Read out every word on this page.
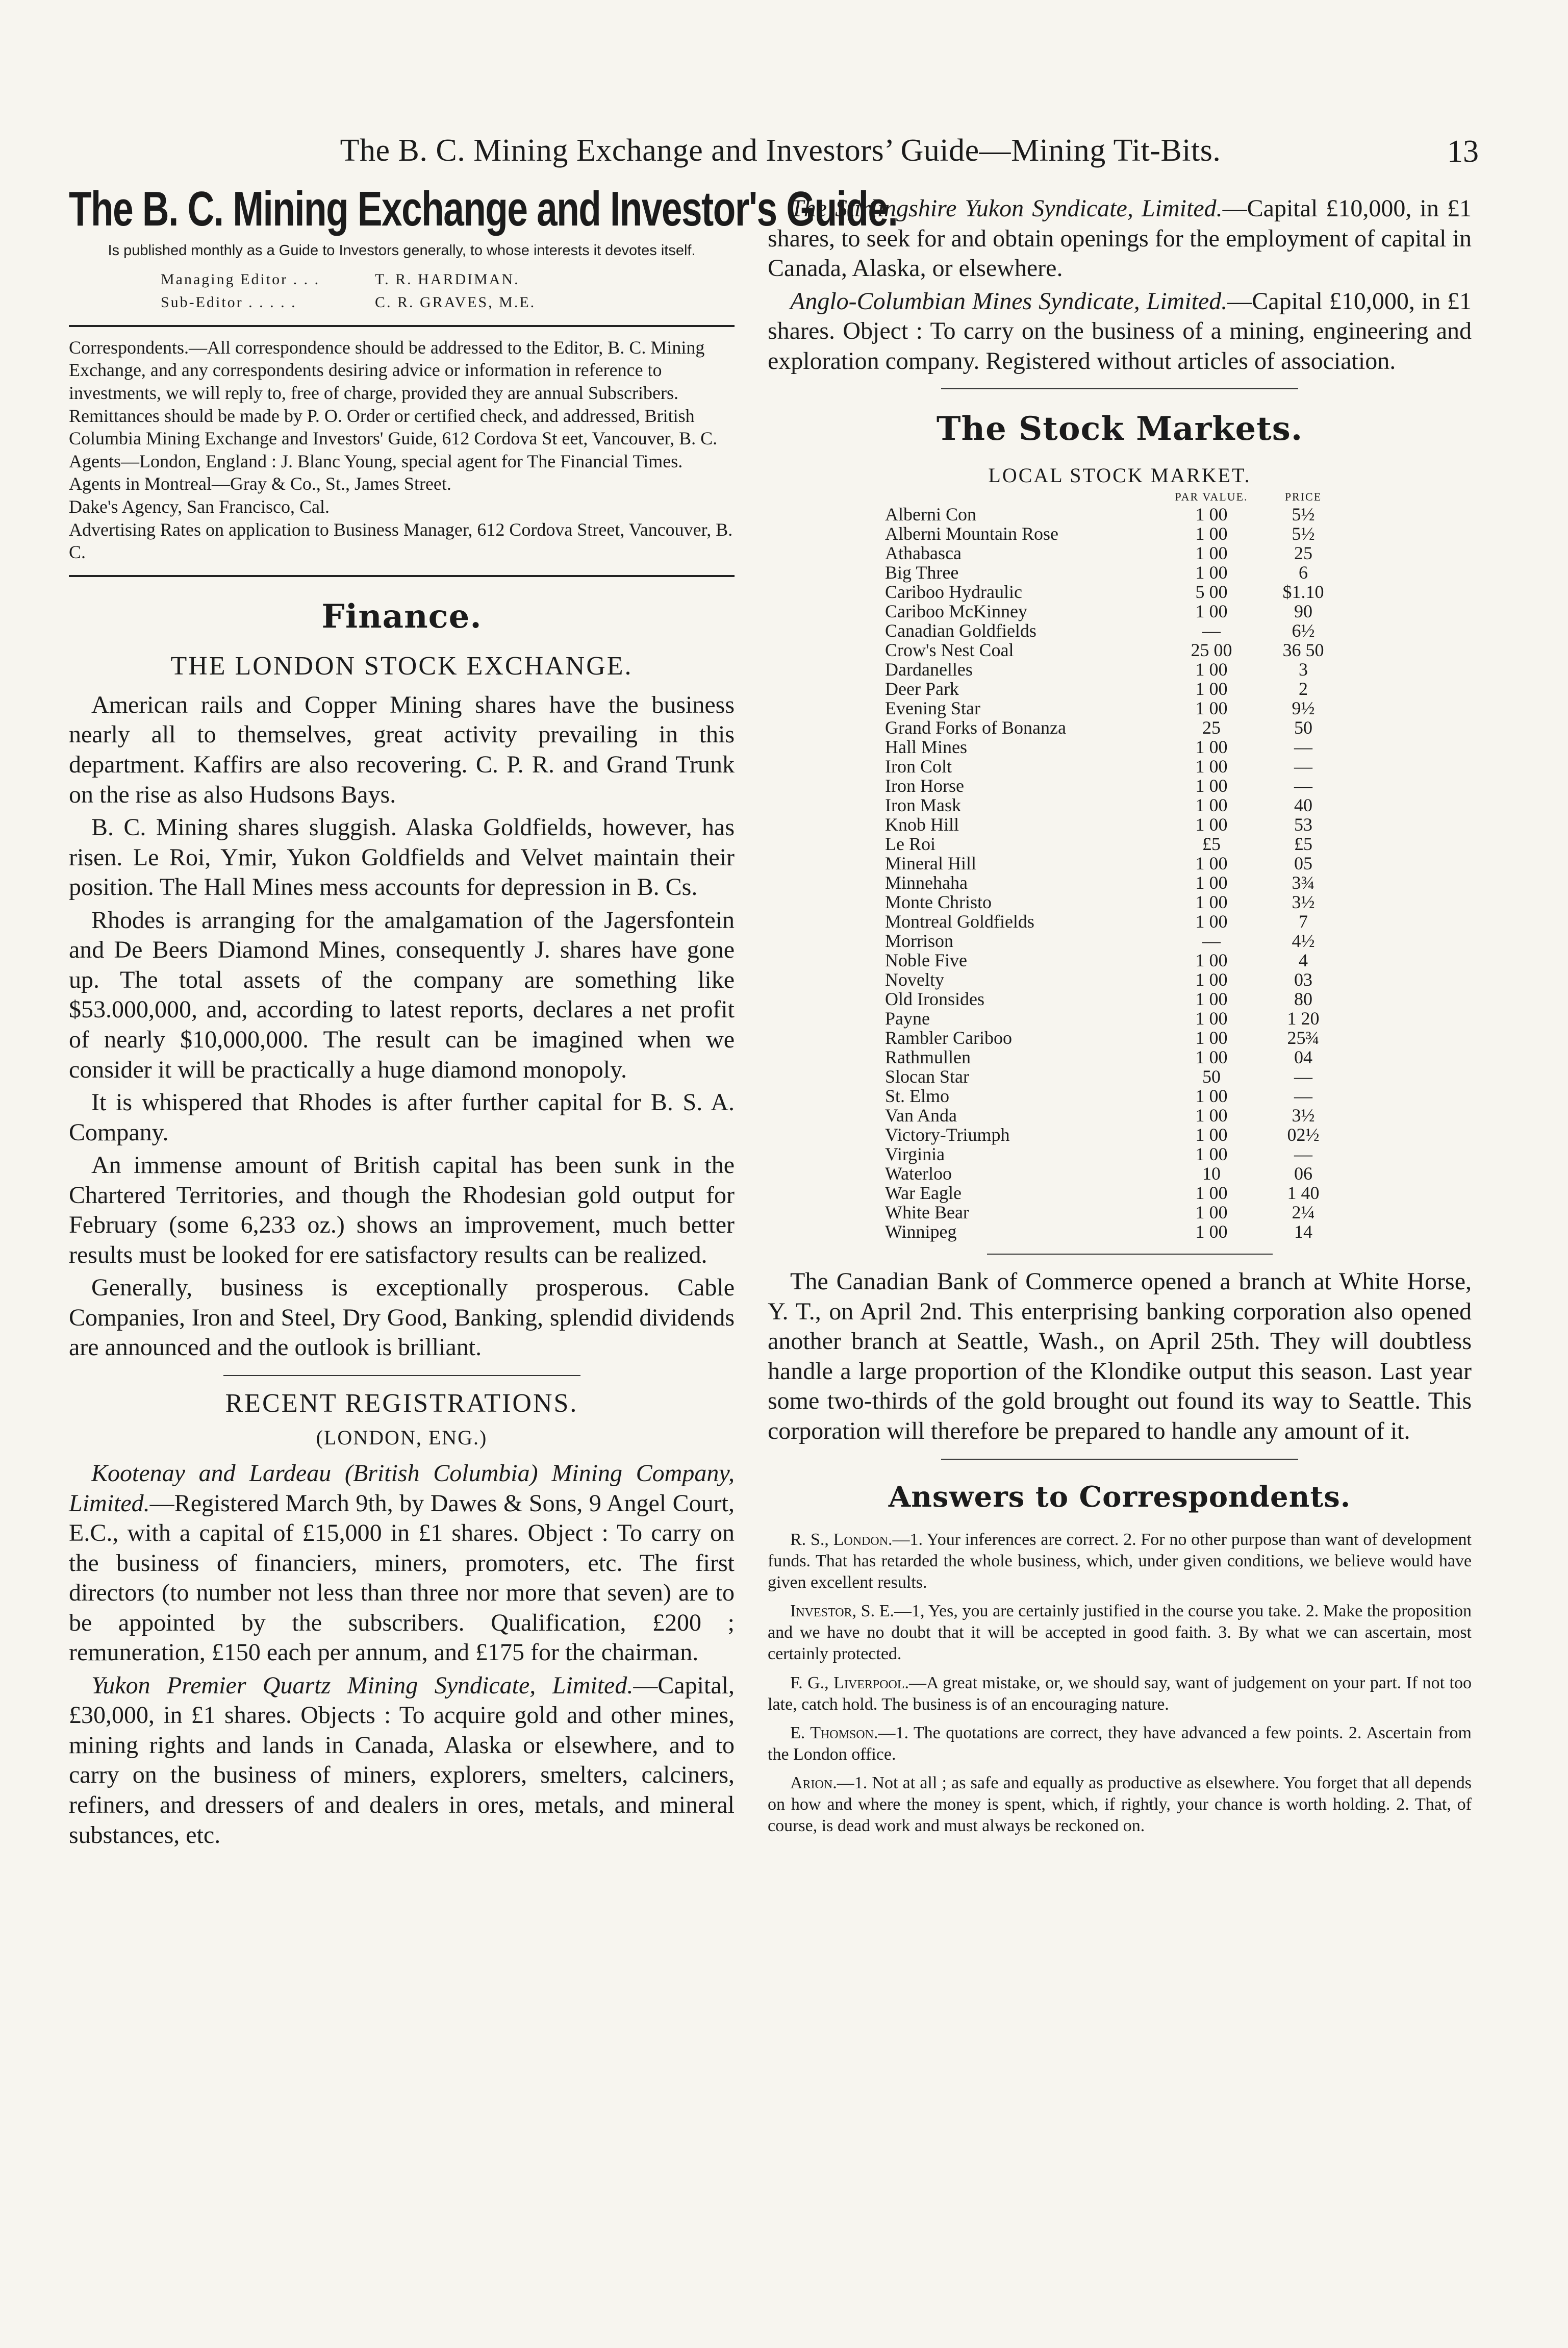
The B. C. Mining Exchange and Investors’ Guide—Mining Tit-Bits.	13
The B. C. Mining Exchange and Investor's Guide.
Is published monthly as a Guide to Investors generally, to whose interests it devotes itself.
Managing Editor . . .	T. R. HARDIMAN.
Sub-Editor . . . . .	C. R. GRAVES, M.E.

Correspondents.—All correspondence should be addressed to the Editor, B. C. Mining Exchange, and any correspondents desiring advice or information in reference to investments, we will reply to, free of charge, provided they are annual Subscribers.

Remittances should be made by P. O. Order or certified check, and addressed, British Columbia Mining Exchange and Investors' Guide, 612 Cordova St eet, Vancouver, B. C.

Agents—London, England : J. Blanc Young, special agent for The Financial Times.

Agents in Montreal—Gray & Co., St., James Street.

Dake's Agency, San Francisco, Cal.

Advertising Rates on application to Business Manager, 612 Cordova Street, Vancouver, B. C.

Finance.
THE LONDON STOCK EXCHANGE.

American rails and Copper Mining shares have the business nearly all to themselves, great activity prevailing in this department. Kaffirs are also recovering. C. P. R. and Grand Trunk on the rise as also Hudsons Bays.

B. C. Mining shares sluggish. Alaska Goldfields, however, has risen. Le Roi, Ymir, Yukon Goldfields and Velvet maintain their position. The Hall Mines mess accounts for depression in B. Cs.

Rhodes is arranging for the amalgamation of the Jagersfontein and De Beers Diamond Mines, consequently J. shares have gone up. The total assets of the company are something like $53.000,000, and, according to latest reports, declares a net profit of nearly $10,000,000. The result can be imagined when we consider it will be practically a huge diamond monopoly.

It is whispered that Rhodes is after further capital for B. S. A. Company.

An immense amount of British capital has been sunk in the Chartered Territories, and though the Rhodesian gold output for February (some 6,233 oz.) shows an improvement, much better results must be looked for ere satisfactory results can be realized.

Generally, business is exceptionally prosperous. Cable Companies, Iron and Steel, Dry Good, Banking, splendid dividends are announced and the outlook is brilliant.

RECENT REGISTRATIONS.
(LONDON, ENG.)

Kootenay and Lardeau (British Columbia) Mining Company, Limited.—Registered March 9th, by Dawes & Sons, 9 Angel Court, E.C., with a capital of £15,000 in £1 shares. Object : To carry on the business of financiers, miners, promoters, etc. The first directors (to number not less than three nor more that seven) are to be appointed by the subscribers. Qualification, £200 ; remuneration, £150 each per annum, and £175 for the chairman.

Yukon Premier Quartz Mining Syndicate, Limited.—Capital, £30,000, in £1 shares. Objects : To acquire gold and other mines, mining rights and lands in Canada, Alaska or elsewhere, and to carry on the business of miners, explorers, smelters, calciners, refiners, and dressers of and dealers in ores, metals, and mineral substances, etc.

The Stirlingshire Yukon Syndicate, Limited.—Capital £10,000, in £1 shares, to seek for and obtain openings for the employment of capital in Canada, Alaska, or elsewhere.

Anglo-Columbian Mines Syndicate, Limited.—Capital £10,000, in £1 shares. Object : To carry on the business of a mining, engineering and exploration company. Registered without articles of association.

The Stock Markets.
LOCAL STOCK MARKET.
	PAR VALUE.	PRICE
Alberni Con	1 00	5½
Alberni Mountain Rose	1 00	5½
Athabasca	1 00	25
Big Three	1 00	6
Cariboo Hydraulic	5 00	$1.10
Cariboo McKinney	1 00	90
Canadian Goldfields	—	6½
Crow's Nest Coal	25 00	36 50
Dardanelles	1 00	3
Deer Park	1 00	2
Evening Star	1 00	9½
Grand Forks of Bonanza	25	50
Hall Mines	1 00	—
Iron Colt	1 00	—
Iron Horse	1 00	—
Iron Mask	1 00	40
Knob Hill	1 00	53
Le Roi	£5	£5
Mineral Hill	1 00	05
Minnehaha	1 00	3¾
Monte Christo	1 00	3½
Montreal Goldfields	1 00	7
Morrison	—	4½
Noble Five	1 00	4
Novelty	1 00	03
Old Ironsides	1 00	80
Payne	1 00	1 20
Rambler Cariboo	1 00	25¾
Rathmullen	1 00	04
Slocan Star	50	—
St. Elmo	1 00	—
Van Anda	1 00	3½
Victory-Triumph	1 00	02½
Virginia	1 00	—
Waterloo	10	06
War Eagle	1 00	1 40
White Bear	1 00	2¼
Winnipeg	1 00	14

The Canadian Bank of Commerce opened a branch at White Horse, Y. T., on April 2nd. This enterprising banking corporation also opened another branch at Seattle, Wash., on April 25th. They will doubtless handle a large proportion of the Klondike output this season. Last year some two-thirds of the gold brought out found its way to Seattle. This corporation will therefore be prepared to handle any amount of it.

Answers to Correspondents.

R. S., London.—1. Your inferences are correct. 2. For no other purpose than want of development funds. That has retarded the whole business, which, under given conditions, we believe would have given excellent results.

Investor, S. E.—1, Yes, you are certainly justified in the course you take. 2. Make the proposition and we have no doubt that it will be accepted in good faith. 3. By what we can ascertain, most certainly protected.

F. G., Liverpool.—A great mistake, or, we should say, want of judgement on your part. If not too late, catch hold. The business is of an encouraging nature.

E. Thomson.—1. The quotations are correct, they have advanced a few points. 2. Ascertain from the London office.

Arion.—1. Not at all ; as safe and equally as productive as elsewhere. You forget that all depends on how and where the money is spent, which, if rightly, your chance is worth holding. 2. That, of course, is dead work and must always be reckoned on.
